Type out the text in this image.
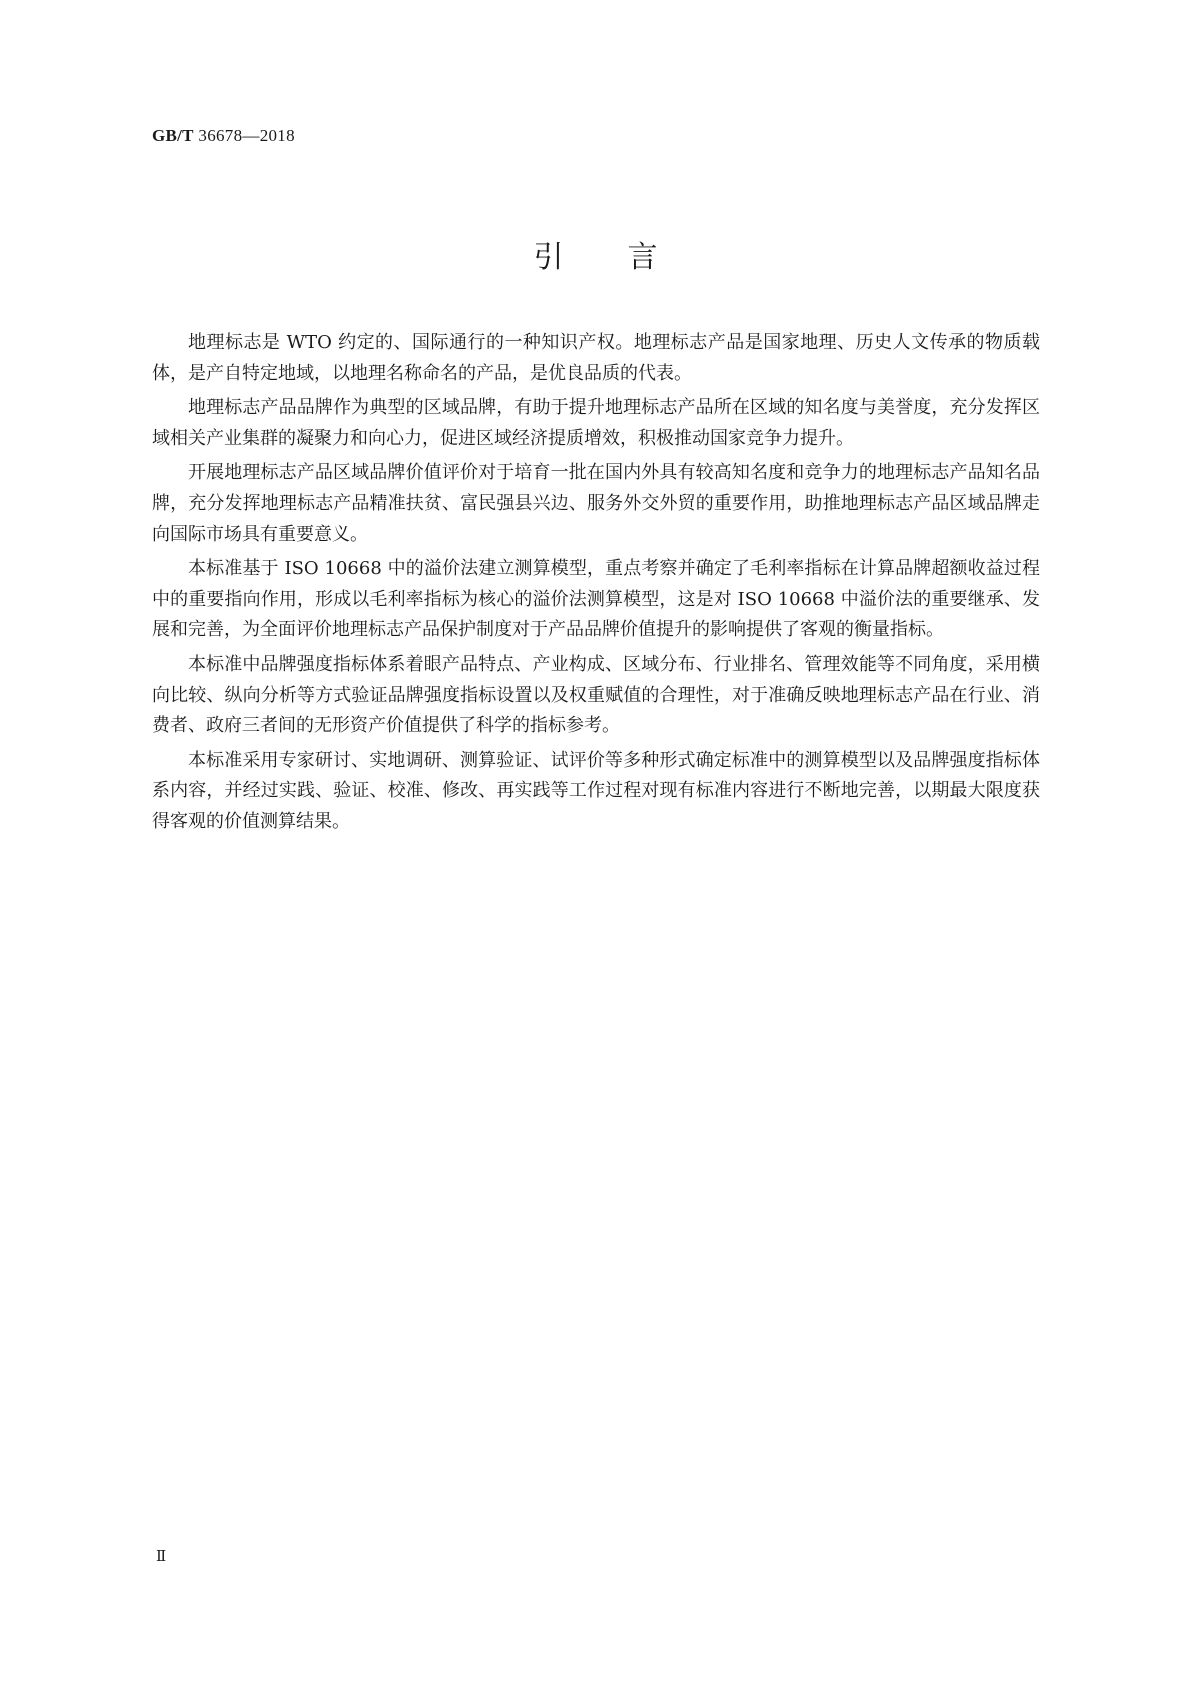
GB/T 36678—2018
引 言

地理标志是 WTO 约定的、国际通行的一种知识产权。地理标志产品是国家地理、历史人文传承的物质载体，是产自特定地域，以地理名称命名的产品，是优良品质的代表。

地理标志产品品牌作为典型的区域品牌，有助于提升地理标志产品所在区域的知名度与美誉度，充分发挥区域相关产业集群的凝聚力和向心力，促进区域经济提质增效，积极推动国家竞争力提升。

开展地理标志产品区域品牌价值评价对于培育一批在国内外具有较高知名度和竞争力的地理标志产品知名品牌，充分发挥地理标志产品精准扶贫、富民强县兴边、服务外交外贸的重要作用，助推地理标志产品区域品牌走向国际市场具有重要意义。

本标准基于 ISO 10668 中的溢价法建立测算模型，重点考察并确定了毛利率指标在计算品牌超额收益过程中的重要指向作用，形成以毛利率指标为核心的溢价法测算模型，这是对 ISO 10668 中溢价法的重要继承、发展和完善，为全面评价地理标志产品保护制度对于产品品牌价值提升的影响提供了客观的衡量指标。

本标准中品牌强度指标体系着眼产品特点、产业构成、区域分布、行业排名、管理效能等不同角度，采用横向比较、纵向分析等方式验证品牌强度指标设置以及权重赋值的合理性，对于准确反映地理标志产品在行业、消费者、政府三者间的无形资产价值提供了科学的指标参考。

本标准采用专家研讨、实地调研、测算验证、试评价等多种形式确定标准中的测算模型以及品牌强度指标体系内容，并经过实践、验证、校准、修改、再实践等工作过程对现有标准内容进行不断地完善，以期最大限度获得客观的价值测算结果。

Ⅱ
